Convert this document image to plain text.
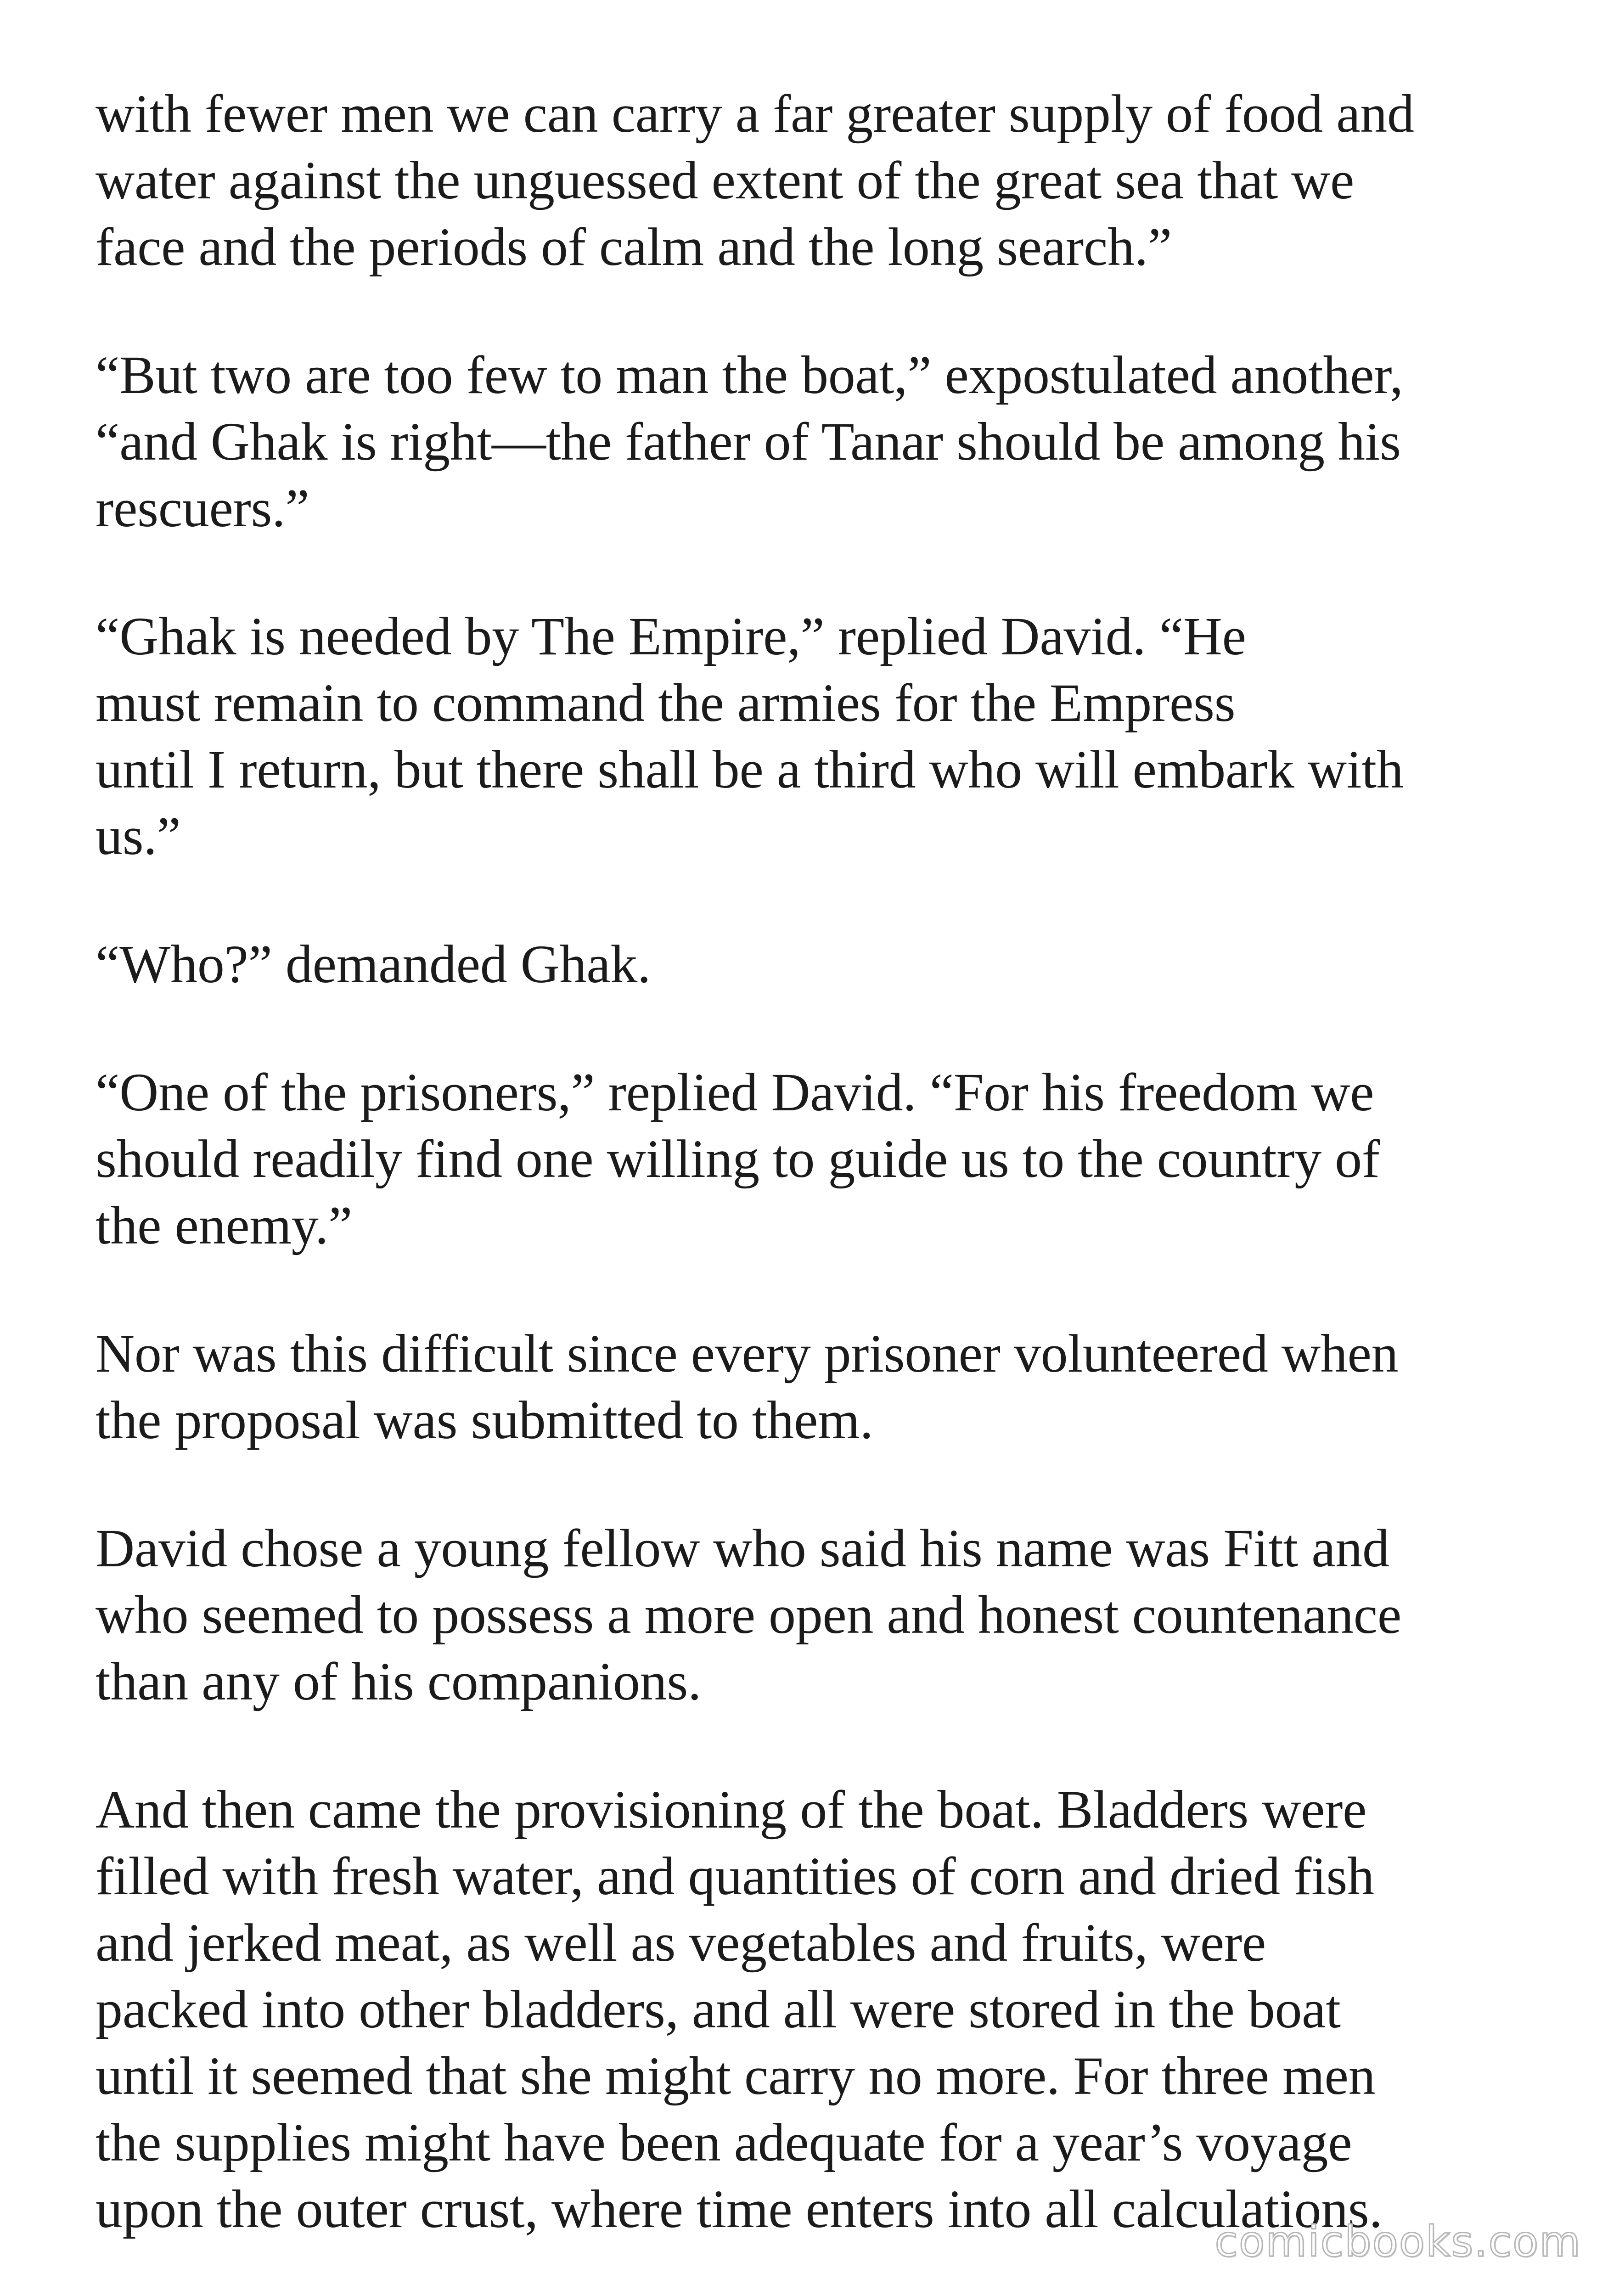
with fewer men we can carry a far greater supply of food and
water against the unguessed extent of the great sea that we
face and the periods of calm and the long search.”

“But two are too few to man the boat,” expostulated another,
“and Ghak is right—the father of Tanar should be among his
rescuers.”

“Ghak is needed by The Empire,” replied David. “He
must remain to command the armies for the Empress
until I return, but there shall be a third who will embark with
us.”

“Who?” demanded Ghak.

“One of the prisoners,” replied David. “For his freedom we
should readily find one willing to guide us to the country of
the enemy.”

Nor was this difficult since every prisoner volunteered when
the proposal was submitted to them.

David chose a young fellow who said his name was Fitt and
who seemed to possess a more open and honest countenance
than any of his companions.

And then came the provisioning of the boat. Bladders were
filled with fresh water, and quantities of corn and dried fish
and jerked meat, as well as vegetables and fruits, were
packed into other bladders, and all were stored in the boat
until it seemed that she might carry no more. For three men
the supplies might have been adequate for a year’s voyage
upon the outer crust, where time enters into all calculations.

comicbooks.com
